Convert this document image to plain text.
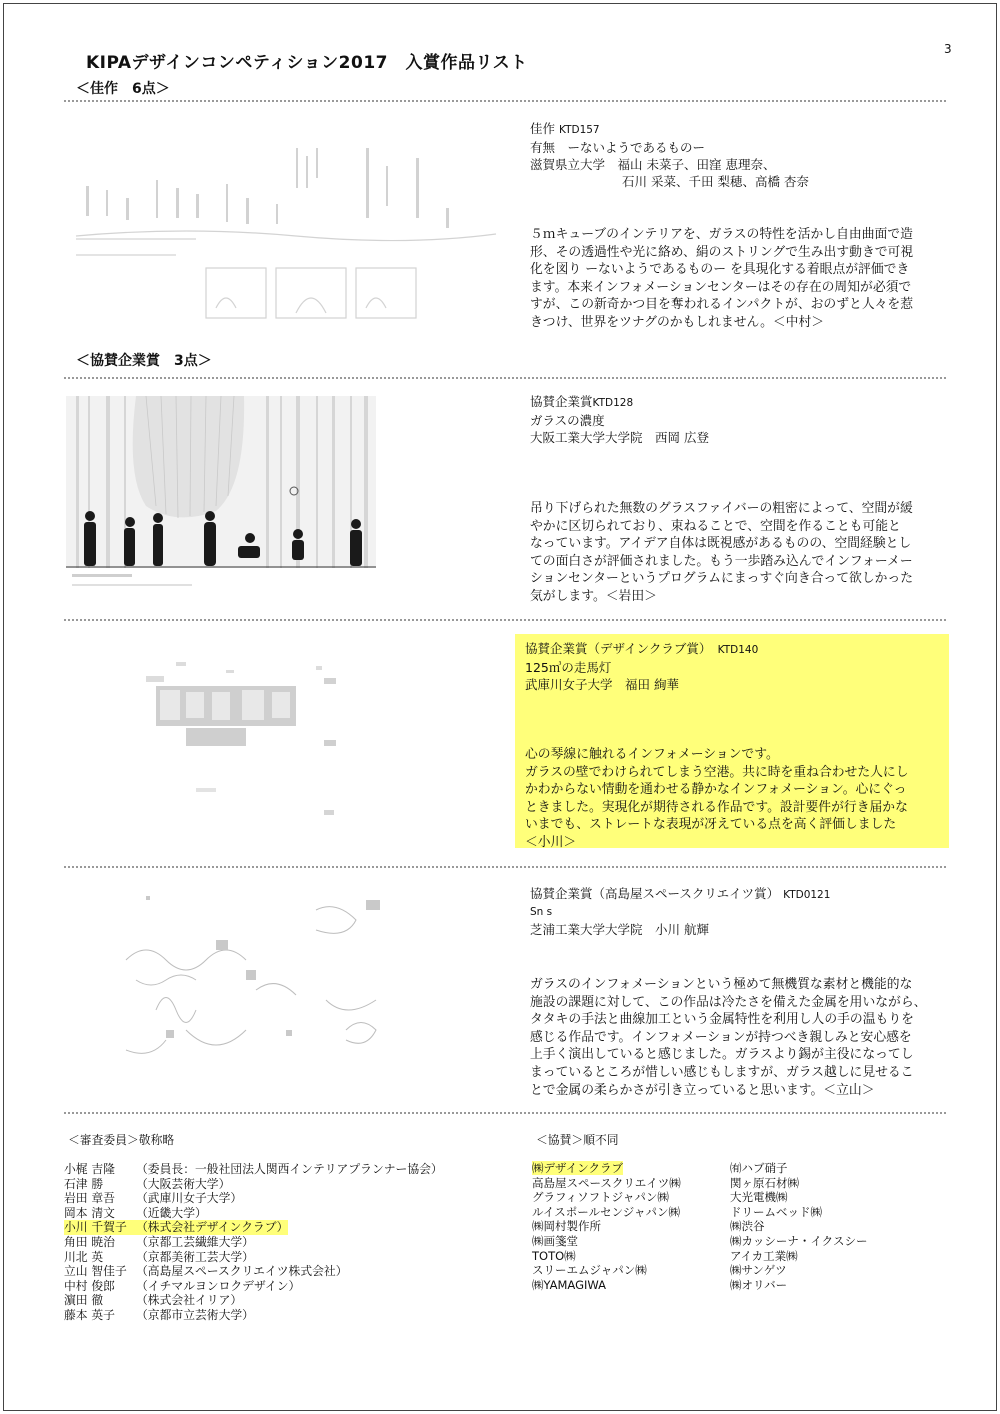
KIPAデザインコンペティション2017　入賞作品リスト
3
＜佳作　6点＞
佳作 KTD157
有無　ーないようであるものー
滋賀県立大学　福山 未菜子、田窪 恵理奈、
石川 采菜、千田 梨穂、高橋 杏奈
５ｍキューブのインテリアを、ガラスの特性を活かし自由曲面で造
形、その透過性や光に絡め、絹のストリングで生み出す動きで可視
化を図り ーないようであるものー を具現化する着眼点が評価でき
ます。本来インフォメーションセンターはその存在の周知が必須で
すが、この新奇かつ目を奪われるインパクトが、おのずと人々を惹
きつけ、世界をツナグのかもしれません。＜中村＞
＜協賛企業賞　3点＞
協賛企業賞KTD128
ガラスの濃度
大阪工業大学大学院　西岡 広登
吊り下げられた無数のグラスファイバーの粗密によって、空間が緩
やかに区切られており、束ねることで、空間を作ることも可能と
なっています。アイデア自体は既視感があるものの、空間経験とし
ての面白さが評価されました。もう一歩踏み込んでインフォーメー
ションセンターというプログラムにまっすぐ向き合って欲しかった
気がします。＜岩田＞
協賛企業賞（デザインクラブ賞）　 KTD140
125㎥の走馬灯
武庫川女子大学　福田 絢華
心の琴線に触れるインフォメーションです。
ガラスの壁でわけられてしまう空港。共に時を重ね合わせた人にし
かわからない情動を通わせる静かなインフォメーション。心にぐっ
ときました。実現化が期待される作品です。設計要件が行き届かな
いまでも、ストレートな表現が冴えている点を高く評価しました
＜小川＞
協賛企業賞（高島屋スペースクリエイツ賞） KTD0121
Sn s
芝浦工業大学大学院　小川 航輝
ガラスのインフォメーションという極めて無機質な素材と機能的な
施設の課題に対して、この作品は冷たさを備えた金属を用いながら、
タタキの手法と曲線加工という金属特性を利用し人の手の温もりを
感じる作品です。インフォメーションが持つべき親しみと安心感を
上手く演出していると感じました。ガラスより錫が主役になってし
まっているところが惜しい感じもしますが、ガラス越しに見せるこ
とで金属の柔らかさが引き立っていると思います。＜立山＞
＜審査委員＞敬称略
小梶 吉隆	（委員長：一般社団法人関西インテリアプランナー協会）
石津 勝	（大阪芸術大学）
岩田 章吾	（武庫川女子大学）
岡本 清文	（近畿大学）
小川 千賀子 （株式会社デザインクラブ）
角田 暁治	（京都工芸繊維大学）
川北 英	（京都美術工芸大学）
立山 智佳子 （高島屋スペースクリエイツ株式会社）
中村 俊郎	（イチマルヨンロクデザイン）
濵田 徹	（株式会社イリア）
藤本 英子	（京都市立芸術大学）
＜協賛＞順不同
㈱デザインクラブ
高島屋スペースクリエイツ㈱
グラフィソフトジャパン㈱
ルイスポールセンジャパン㈱
㈱岡村製作所
㈱画箋堂
TOTO㈱
スリーエムジャパン㈱
㈱YAMAGIWA
㈲ハブ硝子
関ヶ原石材㈱
大光電機㈱
ドリームベッド㈱
㈱渋谷
㈱カッシーナ・イクスシー
アイカ工業㈱
㈱サンゲツ
㈱オリバー
